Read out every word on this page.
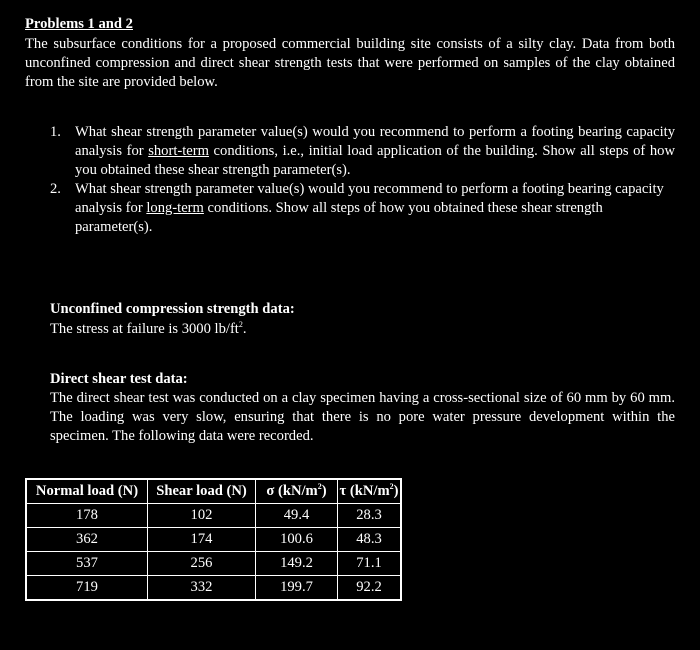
Problems 1 and 2
The subsurface conditions for a proposed commercial building site consists of a silty clay. Data from both unconfined compression and direct shear strength tests that were performed on samples of the clay obtained from the site are provided below.
1. What shear strength parameter value(s) would you recommend to perform a footing bearing capacity analysis for short-term conditions, i.e., initial load application of the building. Show all steps of how you obtained these shear strength parameter(s).
2. What shear strength parameter value(s) would you recommend to perform a footing bearing capacity analysis for long-term conditions. Show all steps of how you obtained these shear strength parameter(s).
Unconfined compression strength data:
The stress at failure is 3000 $lb/ft^2$.
Direct shear test data:
The direct shear test was conducted on a clay specimen having a cross-sectional size of 60 mm by 60 mm. The loading was very slow, ensuring that there is no pore water pressure development within the specimen. The following data were recorded.
Normal load (N)	Shear load (N)	σ $(kN/m^2)$	τ $(kN/m^2)$
178	102	49.4	28.3
362	174	100.6	48.3
537	256	149.2	71.1
719	332	199.7	92.2
